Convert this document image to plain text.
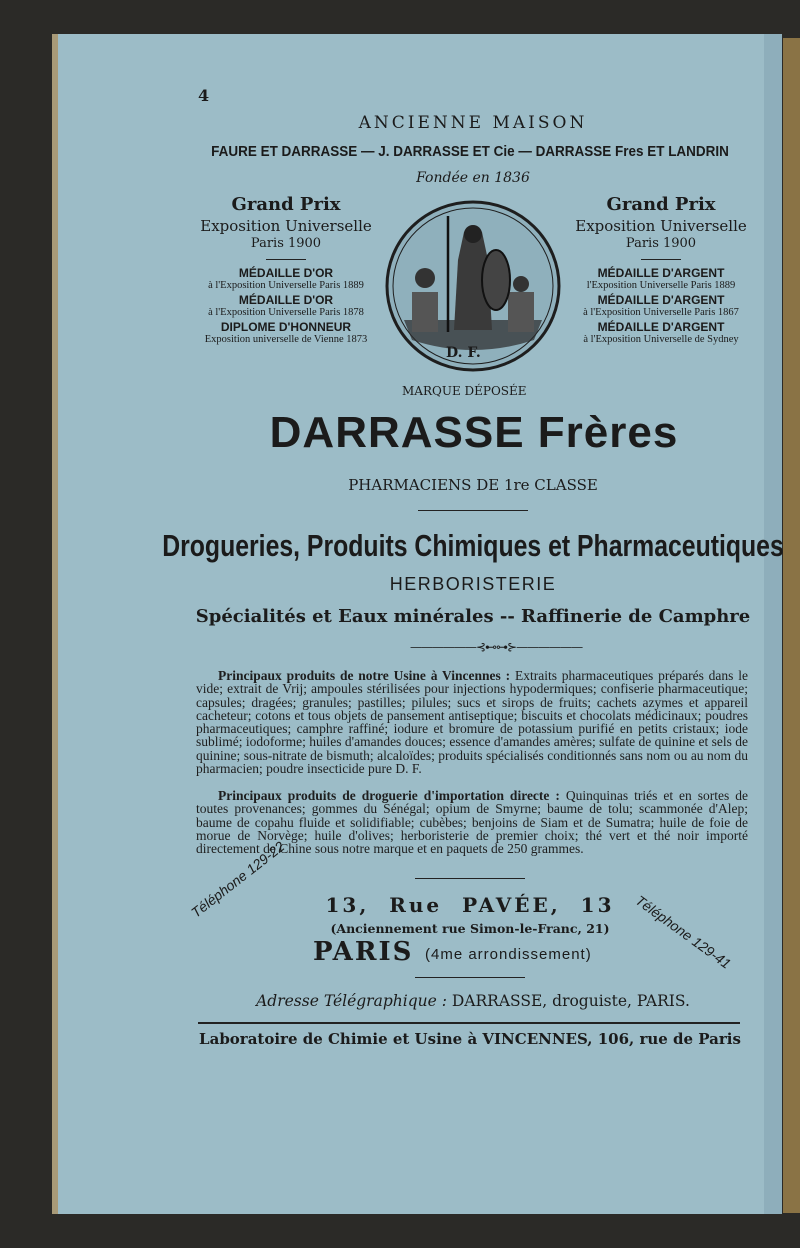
4
ANCIENNE MAISON
FAURE ET DARRASSE — J. DARRASSE ET Cie — DARRASSE Fres ET LANDRIN
Fondée en 1836
Grand Prix
Exposition Universelle
Paris 1900
MÉDAILLE D'OR
à l'Exposition Universelle Paris 1889
MÉDAILLE D'OR
à l'Exposition Universelle Paris 1878
DIPLOME D'HONNEUR
Exposition universelle de Vienne 1873
Grand Prix
Exposition Universelle
Paris 1900
MÉDAILLE D'ARGENT
l'Exposition Universelle Paris 1889
MÉDAILLE D'ARGENT
à l'Exposition Universelle Paris 1867
MÉDAILLE D'ARGENT
à l'Exposition Universelle de Sydney
D. F.
MARQUE DÉPOSÉE
DARRASSE Frères
PHARMACIENS DE 1re CLASSE
Drogueries, Produits Chimiques et Pharmaceutiques
HERBORISTERIE
Spécialités et Eaux minérales -- Raffinerie de Camphre
——————⊰⊷⊶⊱——————

Principaux produits de notre Usine à Vincennes : Extraits pharmaceutiques préparés dans le vide; extrait de Vrij; ampoules stérilisées pour injections hypodermiques; confiserie pharmaceutique; capsules; dragées; granules; pastilles; pilules; sucs et sirops de fruits; cachets azymes et appareil cacheteur; cotons et tous objets de pansement antiseptique; biscuits et chocolats médicinaux; poudres pharmaceutiques; camphre raffiné; iodure et bromure de potassium purifié en petits cristaux; iode sublimé; iodoforme; huiles d'amandes douces; essence d'amandes amères; sulfate de quinine et sels de quinine; sous-nitrate de bismuth; alcaloïdes; produits spécialisés conditionnés sans nom ou au nom du pharmacien; poudre insecticide pure D. F.

Principaux produits de droguerie d'importation directe : Quinquinas triés et en sortes de toutes provenances; gommes du Sénégal; opium de Smyrne; baume de tolu; scammonée d'Alep; baume de copahu fluide et solidifiable; cubèbes; benjoins de Siam et de Sumatra; huile de foie de morue de Norvège; huile d'olives; herboristerie de premier choix; thé vert et thé noir importé directement de Chine sous notre marque et en paquets de 250 grammes.

Téléphone 129-22
Téléphone 129-41
13, Rue PAVÉE, 13
(Anciennement rue Simon-le-Franc, 21)
PARIS (4me arrondissement)
Adresse Télégraphique : DARRASSE, droguiste, PARIS.
Laboratoire de Chimie et Usine à VINCENNES, 106, rue de Paris
